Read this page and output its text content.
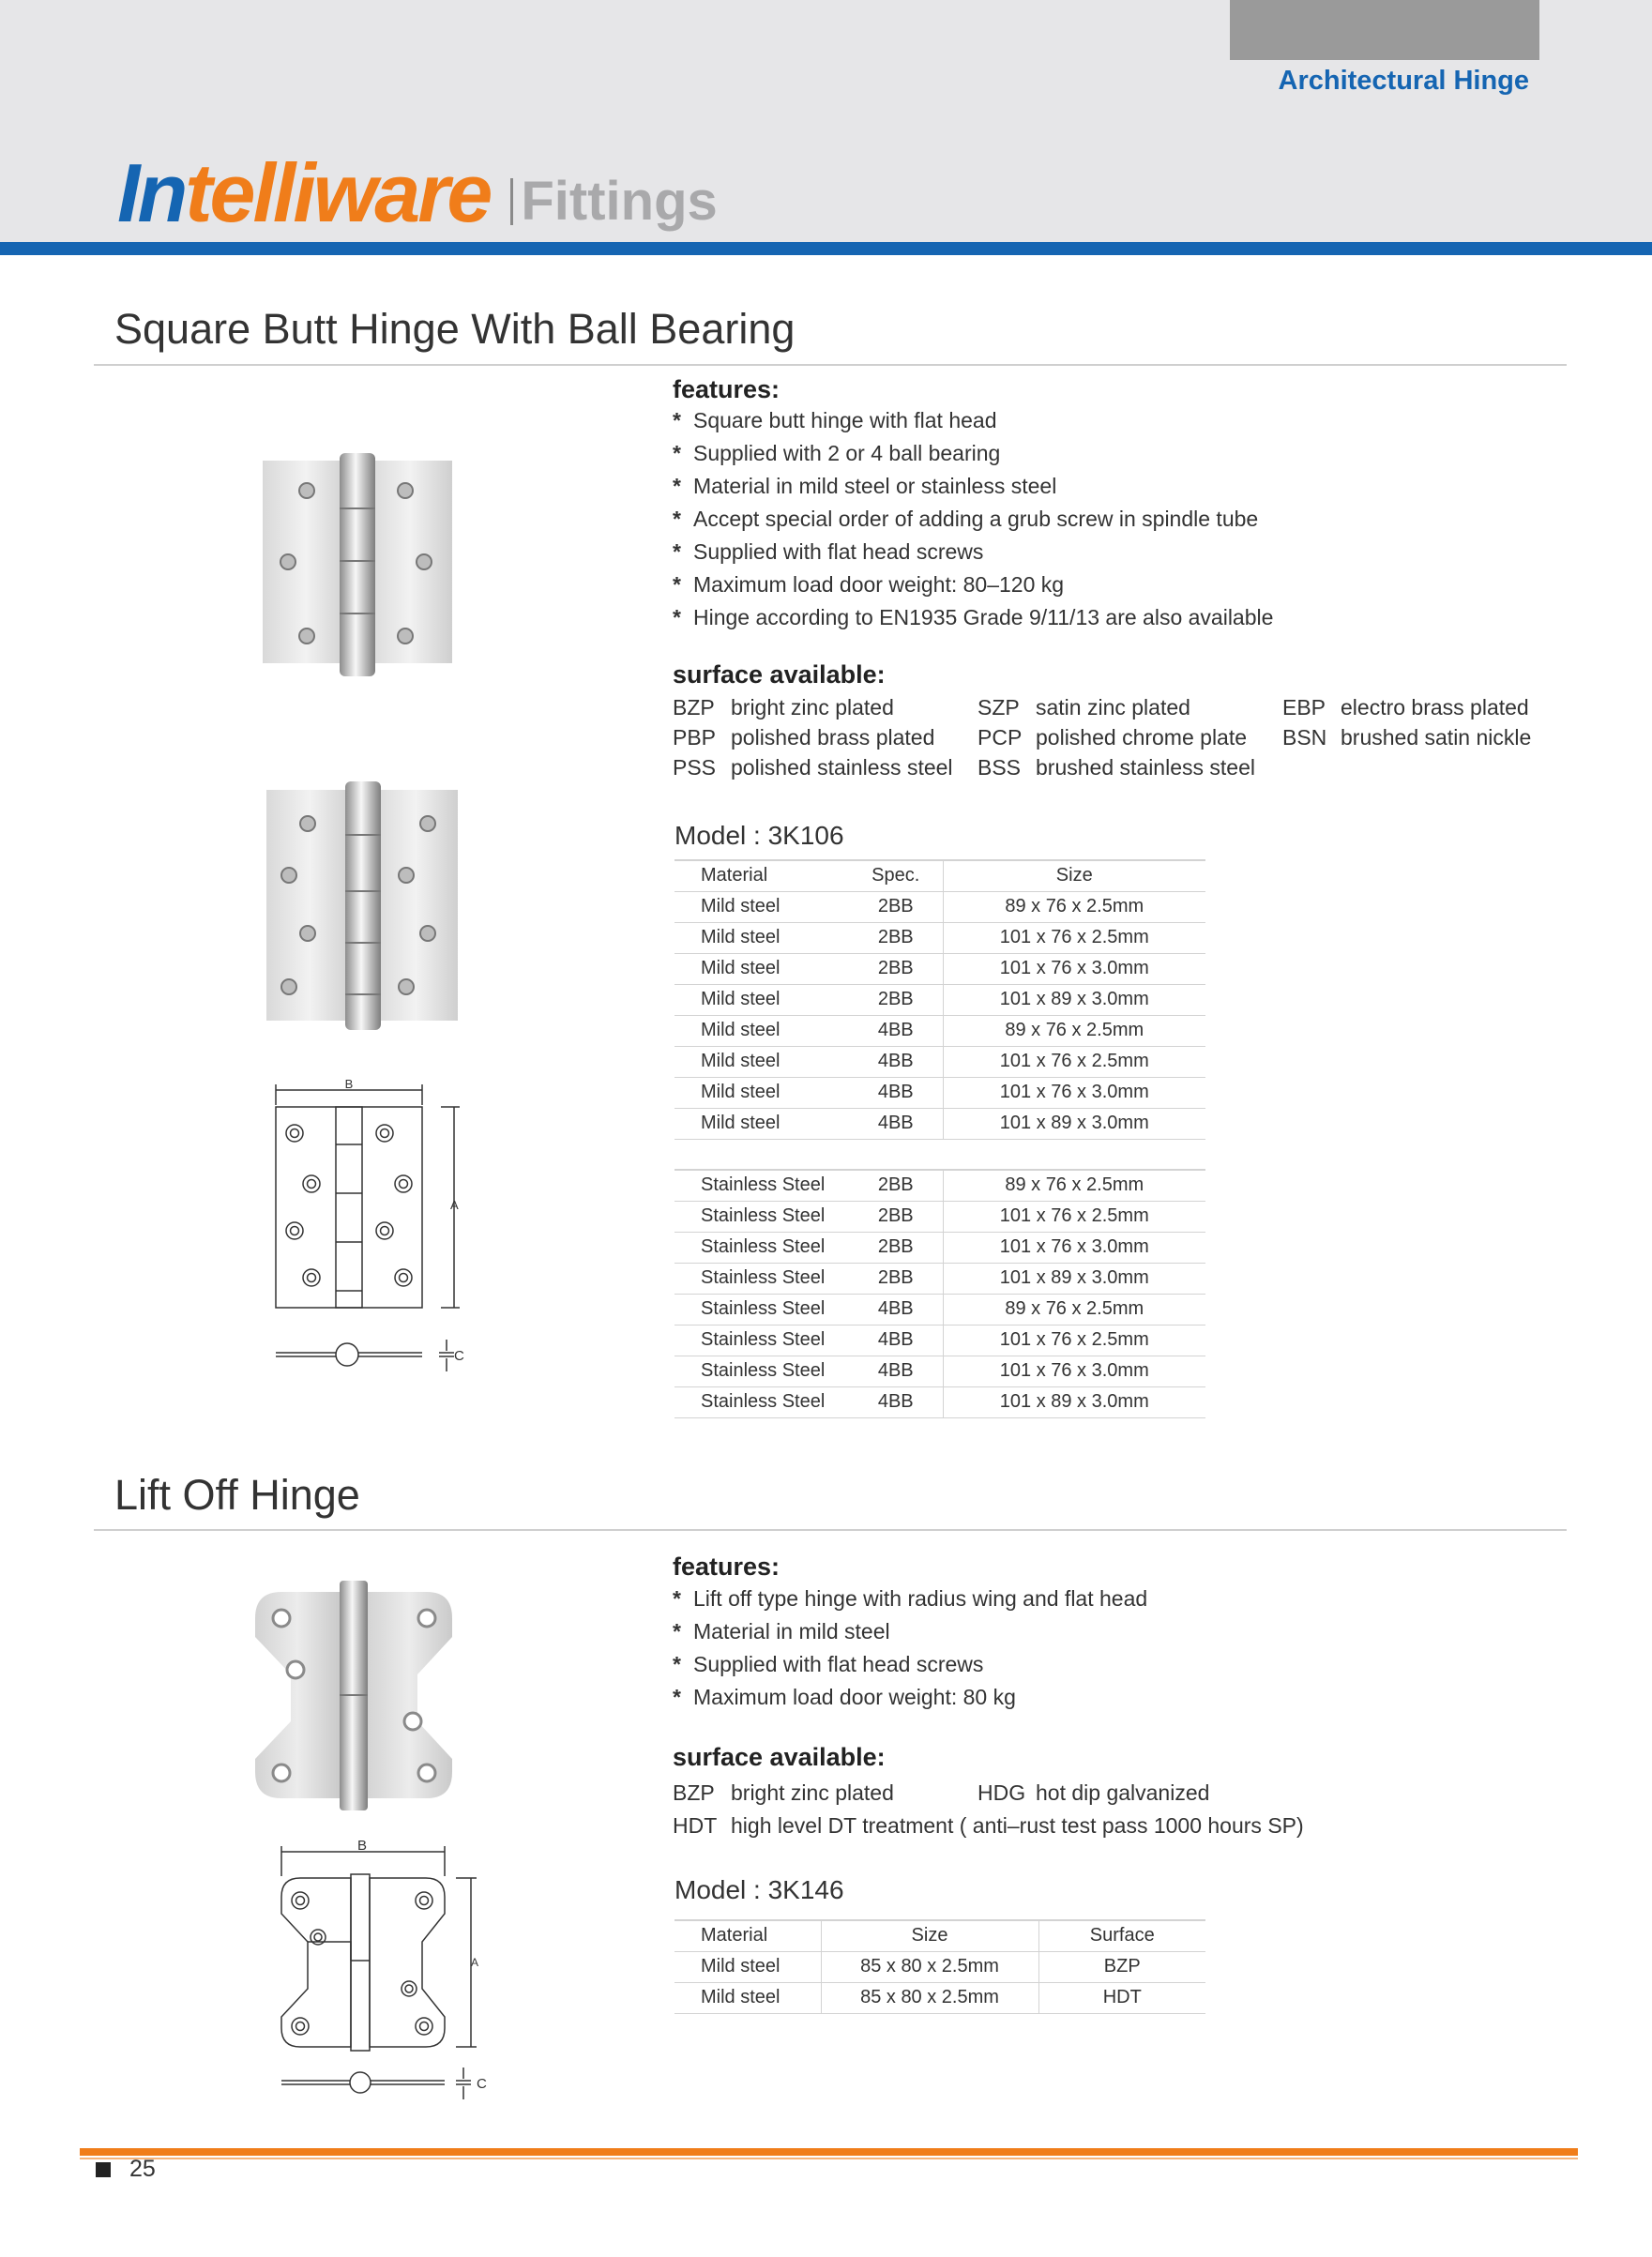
Architectural Hinge
Intelliware Fittings
Square Butt Hinge With Ball Bearing
B
A
C
features:
* Square butt hinge with flat head
* Supplied with 2 or 4 ball bearing
* Material in mild steel or stainless steel
* Accept special order of adding a grub screw in spindle tube
* Supplied with flat head screws
* Maximum load door weight: 80–120 kg
* Hinge according to EN1935 Grade 9/11/13 are also available
surface available:
BZP bright zinc plated	SZP satin zinc plated	EBP electro brass plated
PBP polished brass plated PCP polished chrome plate BSN brushed satin nickle
PSS polished stainless steel BSS brushed stainless steel
Model : 3K106
Material	Spec.	Size
Mild steel	2BB	89 x 76 x 2.5mm
Mild steel	2BB	101 x 76 x 2.5mm
Mild steel	2BB	101 x 76 x 3.0mm
Mild steel	2BB	101 x 89 x 3.0mm
Mild steel	4BB	89 x 76 x 2.5mm
Mild steel	4BB	101 x 76 x 2.5mm
Mild steel	4BB	101 x 76 x 3.0mm
Mild steel	4BB	101 x 89 x 3.0mm

Stainless Steel	2BB	89 x 76 x 2.5mm
Stainless Steel	2BB	101 x 76 x 2.5mm
Stainless Steel	2BB	101 x 76 x 3.0mm
Stainless Steel	2BB	101 x 89 x 3.0mm
Stainless Steel	4BB	89 x 76 x 2.5mm
Stainless Steel	4BB	101 x 76 x 2.5mm
Stainless Steel	4BB	101 x 76 x 3.0mm
Stainless Steel	4BB	101 x 89 x 3.0mm
Lift Off Hinge
B
A
C
features:
* Lift off type hinge with radius wing and flat head
* Material in mild steel
* Supplied with flat head screws
* Maximum load door weight: 80 kg
surface available:
BZP bright zinc plated	HDG hot dip galvanized
HDT high level DT treatment ( anti–rust test pass 1000 hours SP)
Model : 3K146
Material	Size	Surface
Mild steel	85 x 80 x 2.5mm	BZP
Mild steel	85 x 80 x 2.5mm	HDT
25
